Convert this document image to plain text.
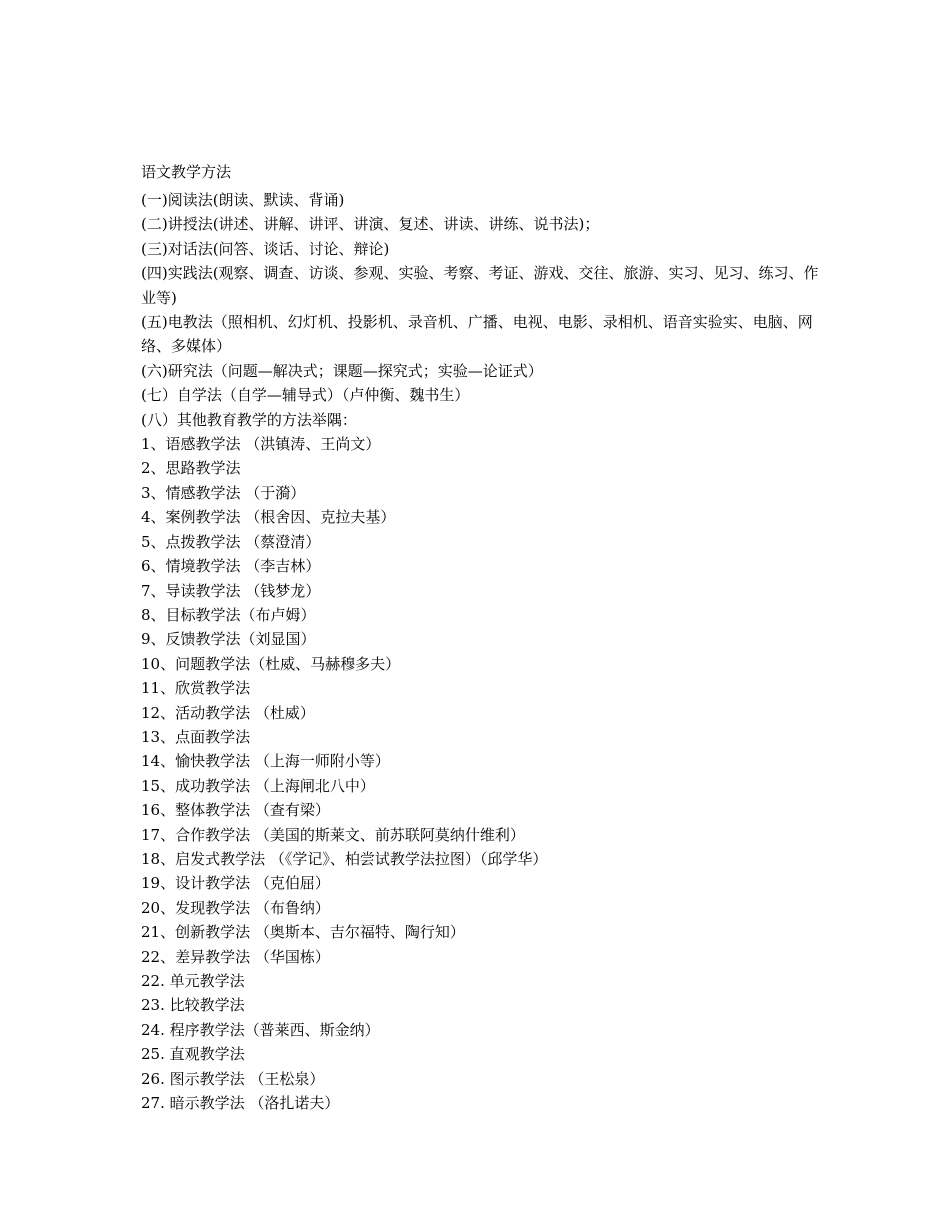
语文教学方法

(一)阅读法(朗读、默读、背诵)

(二)讲授法(讲述、讲解、讲评、讲演、复述、讲读、讲练、说书法)；

(三)对话法(问答、谈话、讨论、辩论)

(四)实践法(观察、调查、访谈、参观、实验、考察、考证、游戏、交往、旅游、实习、见习、练习、作业等)

(五)电教法（照相机、幻灯机、投影机、录音机、广播、电视、电影、录相机、语音实验实、电脑、网络、多媒体）

(六)研究法（问题—解决式；课题—探究式；实验—论证式）

(七）自学法（自学—辅导式）（卢仲衡、魏书生）

(八）其他教育教学的方法举隅：

1、语感教学法 （洪镇涛、王尚文）

2、思路教学法

3、情感教学法 （于漪）

4、案例教学法 （根舍因、克拉夫基）

5、点拨教学法 （蔡澄清）

6、情境教学法 （李吉林）

7、导读教学法 （钱梦龙）

8、目标教学法（布卢姆）

9、反馈教学法（刘显国）

10、问题教学法（杜威、马赫穆多夫）

11、欣赏教学法

12、活动教学法 （杜威）

13、点面教学法

14、愉快教学法 （上海一师附小等）

15、成功教学法 （上海闸北八中）

16、整体教学法 （查有梁）

17、合作教学法 （美国的斯莱文、前苏联阿莫纳什维利）

18、启发式教学法 （《学记》、柏尝试教学法拉图）（邱学华）

19、设计教学法 （克伯屈）

20、发现教学法 （布鲁纳）

21、创新教学法 （奥斯本、吉尔福特、陶行知）

22、差异教学法 （华国栋）

22. 单元教学法

23. 比较教学法

24. 程序教学法（普莱西、斯金纳）

25. 直观教学法

26. 图示教学法 （王松泉）

27. 暗示教学法 （洛扎诺夫）
